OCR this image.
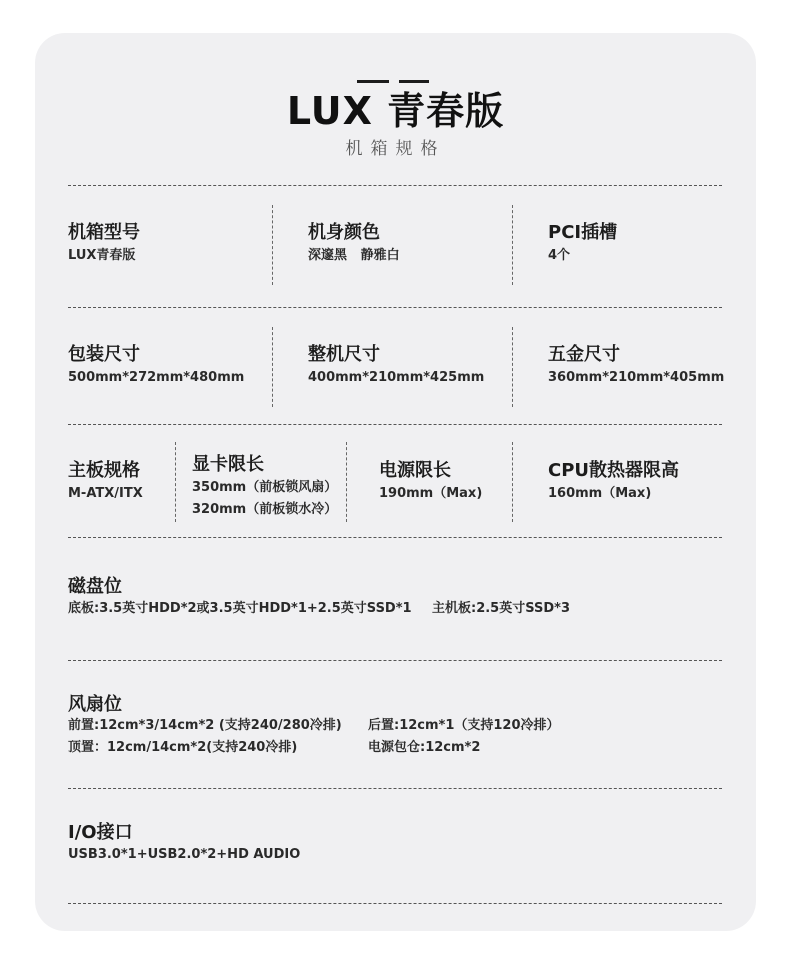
LUX 青春版
机箱规格
机箱型号
LUX青春版
机身颜色
深邃黑   静雅白
PCI插槽
4个
包装尺寸
500mm*272mm*480mm
整机尺寸
400mm*210mm*425mm
五金尺寸
360mm*210mm*405mm
主板规格
M-ATX/ITX
显卡限长
350mm（前板锁风扇）
320mm（前板锁水冷）
电源限长
190mm（Max)
CPU散热器限高
160mm（Max)
磁盘位
底板:3.5英寸HDD*2或3.5英寸HDD*1+2.5英寸SSD*1 主机板:2.5英寸SSD*3
风扇位
前置:12cm*3/14cm*2 (支持240/280冷排) 后置:12cm*1（支持120冷排）
顶置：12cm/14cm*2(支持240冷排)	电源包仓:12cm*2
I/O接口
USB3.0*1+USB2.0*2+HD AUDIO
